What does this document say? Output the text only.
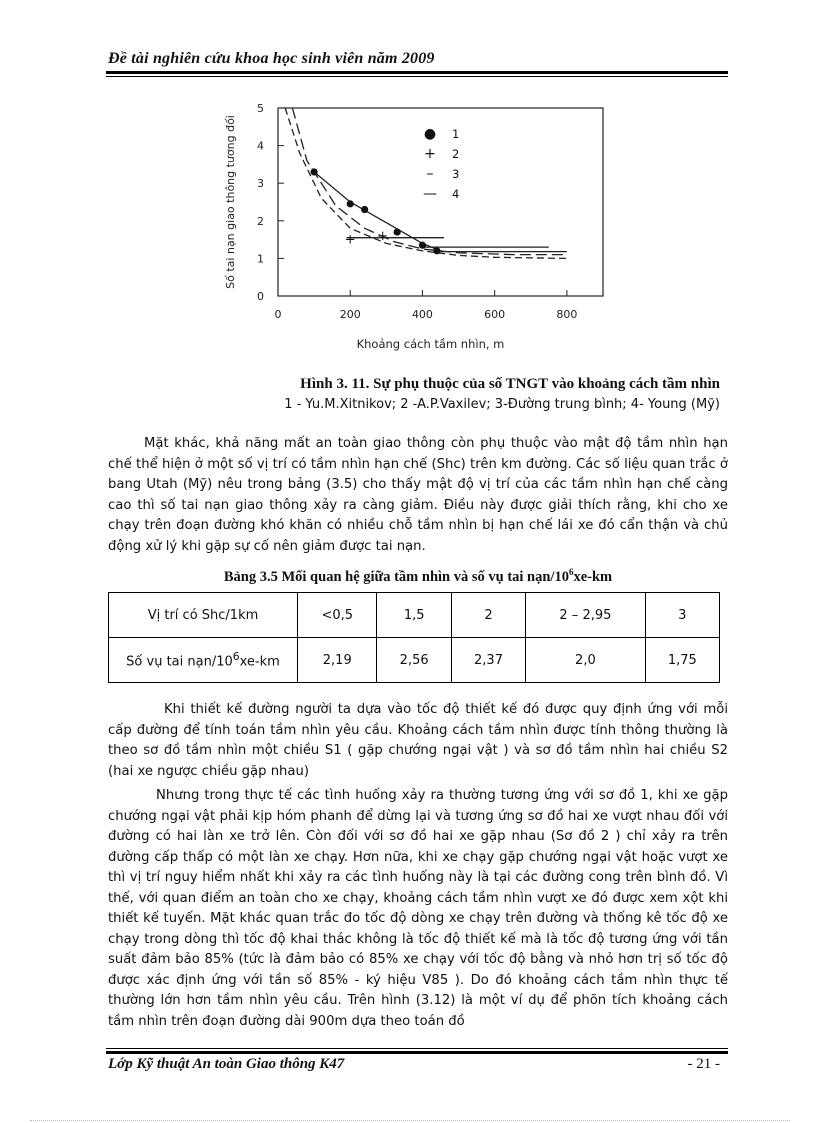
Đề tài nghiên cứu khoa học sinh viên năm 2009
0
1
2
3
4
5
0	200	400	600	800
+ +
● 1
+ 2
– 3
— 4
Khoảng cách tầm nhìn, m
Số tai nạn giao thông tương đối
Hình 3. 11. Sự phụ thuộc của số TNGT vào khoảng cách tầm nhìn
1 - Yu.M.Xitnikov; 2 -A.P.Vaxilev; 3-Đường trung bình; 4- Young (Mỹ)

Mặt khác, khả năng mất an toàn giao thông còn phụ thuộc vào mật độ tầm nhìn hạn chế thể hiện ở một số vị trí có tầm nhìn hạn chế (Shc) trên km đường. Các số liệu quan trắc ở bang Utah (Mỹ) nêu trong bảng (3.5) cho thấy mật độ vị trí của các tầm nhìn hạn chế càng cao thì số tai nạn giao thông xảy ra càng giảm. Điều này được giải thích rằng, khi cho xe chạy trên đoạn đường khó khăn có nhiều chỗ tầm nhìn bị hạn chế lái xe đó cẩn thận và chủ động xử lý khi gặp sự cố nên giảm được tai nạn.

Bảng 3.5 Mối quan hệ giữa tầm nhìn và số vụ tai nạn/$10^6xe-km$
Vị trí có Shc/1km	<0,5	1,5	2	2 – 2,95	3
Số vụ tai nạn/$10^6xe-km$	2,19	2,56	2,37	2,0	1,75

Khi thiết kế đường người ta dựa vào tốc độ thiết kế đó được quy định ứng với mỗi cấp đường để tính toán tầm nhìn yêu cầu. Khoảng cách tầm nhìn được tính thông thường là theo sơ đồ tầm nhìn một chiều S1 ( gặp chướng ngại vật ) và sơ đồ tầm nhìn hai chiều S2 (hai xe ngược chiều gặp nhau)

Nhưng trong thực tế các tình huống xảy ra thường tương ứng với sơ đồ 1, khi xe gặp chướng ngại vật phải kịp hóm phanh để dừng lại và tương ứng sơ đồ hai xe vượt nhau đối với đường có hai làn xe trở lên. Còn đối với sơ đồ hai xe gặp nhau (Sơ đồ 2 ) chỉ xảy ra trên đường cấp thấp có một làn xe chạy. Hơn nữa, khi xe chạy gặp chướng ngại vật hoặc vượt xe thì vị trí nguy hiểm nhất khi xảy ra các tình huống này là tại các đường cong trên bình đồ. Vì thế, với quan điểm an toàn cho xe chạy, khoảng cách tầm nhìn vượt xe đó được xem xột khi thiết kế tuyến. Mặt khác quan trắc đo tốc độ dòng xe chạy trên đường và thống kê tốc độ xe chạy trong dòng thì tốc độ khai thác không là tốc độ thiết kế mà là tốc độ tương ứng với tần suất đảm bảo 85% (tức là đảm bảo có 85% xe chạy với tốc độ bằng và nhỏ hơn trị số tốc độ được xác định ứng với tần số 85% - ký hiệu V85 ). Do đó khoảng cách tầm nhìn thực tế thường lớn hơn tầm nhìn yêu cầu. Trên hình (3.12) là một ví dụ để phõn tích khoảng cách tầm nhìn trên đoạn đường dài 900m dựa theo toán đồ

Lớp Kỹ thuật An toàn Giao thông K47	- 21 -
